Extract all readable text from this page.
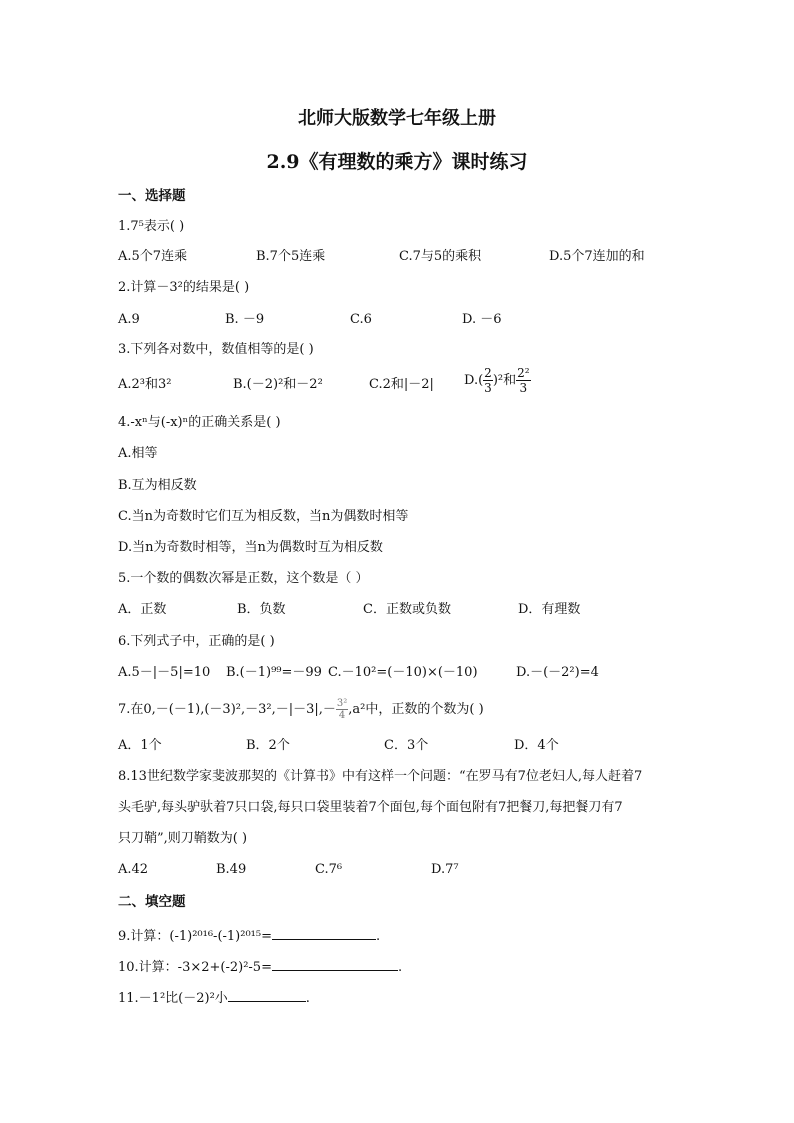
北师大版数学七年级上册
2.9《有理数的乘方》课时练习
一、选择题
1.7⁵表示( )
A.5个7连乘	B.7个5连乘	C.7与5的乘积	D.5个7连加的和
2.计算－3²的结果是( )
A.9	B. －9	C.6	D. －6
3.下列各对数中，数值相等的是( )
A.2³和3²	B.(－2)²和－2²	C.2和|－2| $D.( \frac{2}{3} )^2$和 $\frac{\text{2²}}{3}$
4.-xⁿ与(-x)ⁿ的正确关系是( )
A.相等
B.互为相反数
C.当n为奇数时它们互为相反数，当n为偶数时相等
D.当n为奇数时相等，当n为偶数时互为相反数
5.一个数的偶数次幂是正数，这个数是（ ）
A．正数	B．负数	C．正数或负数	D．有理数
6.下列式子中，正确的是( )
A.5－|－5|=10 B.(－1)⁹⁹=－99 C.－10²=(－10)×(－10)	D.－(－2²)=4
7.在$0,-(-1),(-3)^2,-3^2,-|-3|,- \frac{\text{3²}}{4} ,a^2$中，正数的个数为( )
A．1个	B．2个	C．3个	D．4个
8.13世纪数学家斐波那契的《计算书》中有这样一个问题：“在罗马有7位老妇人,每人赶着7
头毛驴,每头驴驮着7只口袋,每只口袋里装着7个面包,每个面包附有7把餐刀,每把餐刀有7
只刀鞘”,则刀鞘数为( )
A.42	B.49	C.7⁶	D.7⁷
二、填空题
9.计算：(-1)²⁰¹⁶-(-1)²⁰¹⁵=	.
10.计算：-3×2+(-2)²-5=	.
11.－1²比(－2)²小	.
